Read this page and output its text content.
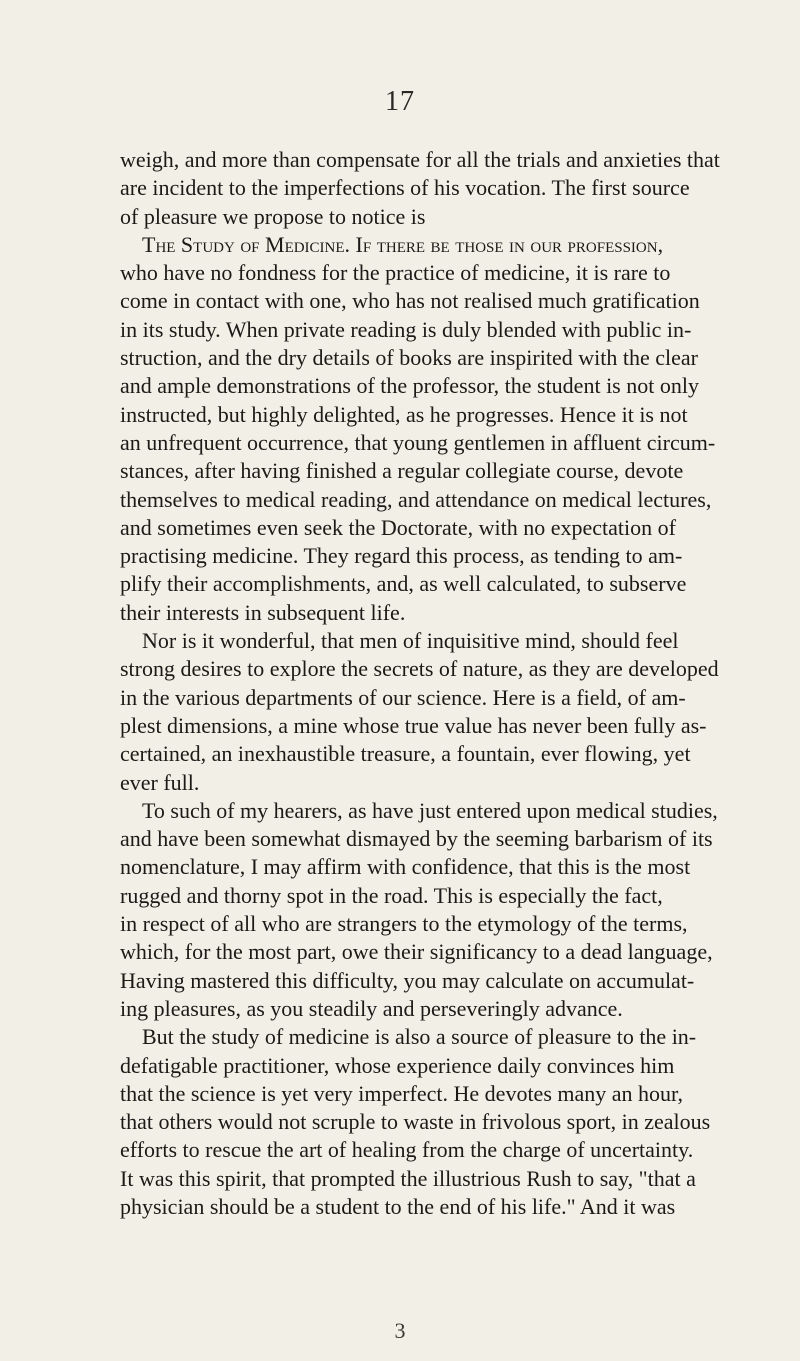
17
weigh, and more than compensate for all the trials and anxieties that
are incident to the imperfections of his vocation. The first source
of pleasure we propose to notice is
The Study of Medicine. If there be those in our profession,
who have no fondness for the practice of medicine, it is rare to
come in contact with one, who has not realised much gratification
in its study. When private reading is duly blended with public in-
struction, and the dry details of books are inspirited with the clear
and ample demonstrations of the professor, the student is not only
instructed, but highly delighted, as he progresses. Hence it is not
an unfrequent occurrence, that young gentlemen in affluent circum-
stances, after having finished a regular collegiate course, devote
themselves to medical reading, and attendance on medical lectures,
and sometimes even seek the Doctorate, with no expectation of
practising medicine. They regard this process, as tending to am-
plify their accomplishments, and, as well calculated, to subserve
their interests in subsequent life.
Nor is it wonderful, that men of inquisitive mind, should feel
strong desires to explore the secrets of nature, as they are developed
in the various departments of our science. Here is a field, of am-
plest dimensions, a mine whose true value has never been fully as-
certained, an inexhaustible treasure, a fountain, ever flowing, yet
ever full.
To such of my hearers, as have just entered upon medical studies,
and have been somewhat dismayed by the seeming barbarism of its
nomenclature, I may affirm with confidence, that this is the most
rugged and thorny spot in the road. This is especially the fact,
in respect of all who are strangers to the etymology of the terms,
which, for the most part, owe their significancy to a dead language,
Having mastered this difficulty, you may calculate on accumulat-
ing pleasures, as you steadily and perseveringly advance.
But the study of medicine is also a source of pleasure to the in-
defatigable practitioner, whose experience daily convinces him
that the science is yet very imperfect. He devotes many an hour,
that others would not scruple to waste in frivolous sport, in zealous
efforts to rescue the art of healing from the charge of uncertainty.
It was this spirit, that prompted the illustrious Rush to say, "that a
physician should be a student to the end of his life." And it was
3
